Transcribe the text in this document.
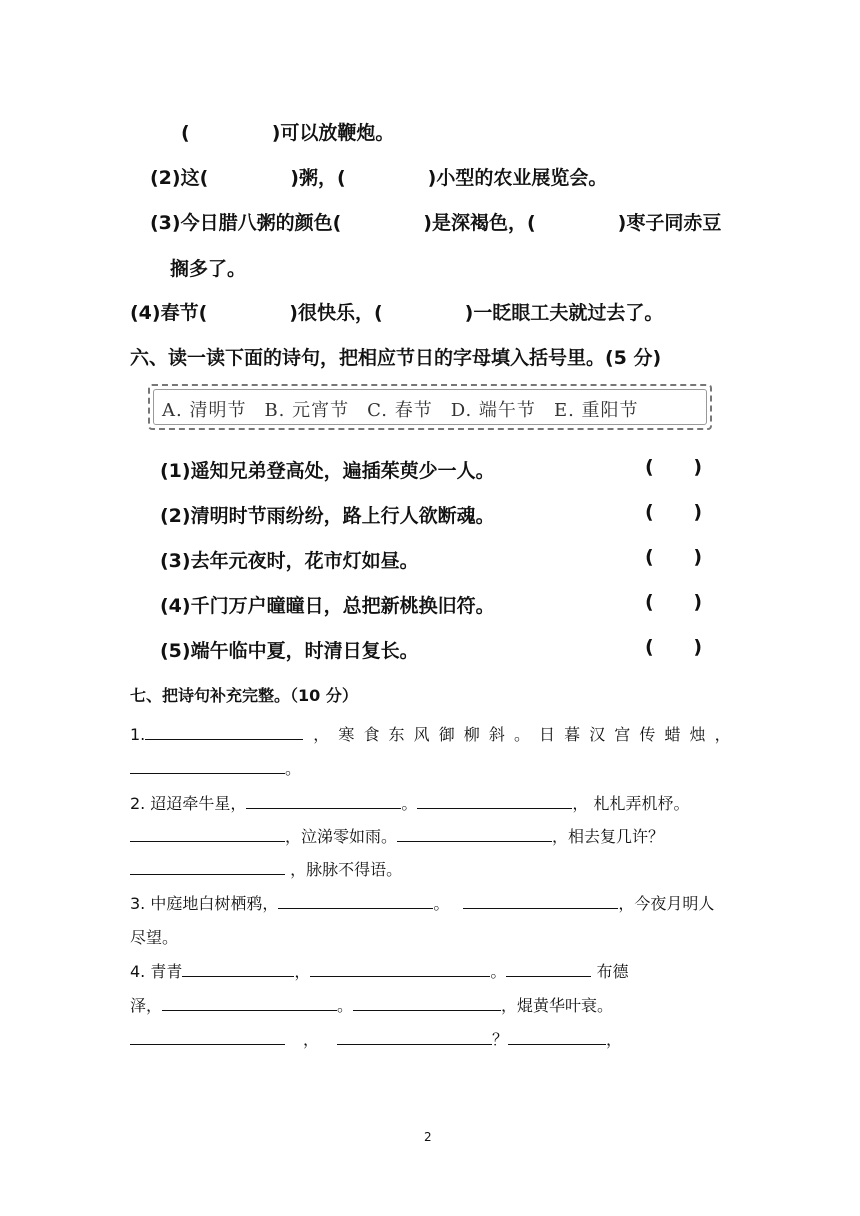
(	)可以放鞭炮。
(2)这(	)粥，(	)小型的农业展览会。
(3)今日腊八粥的颜色(	)是深褐色，(	)枣子同赤豆
搁多了。
(4)春节(	)很快乐，(	)一眨眼工夫就过去了。
六、读一读下面的诗句，把相应节日的字母填入括号里。(5 分)
A. 清明节 B. 元宵节 C. 春节 D. 端午节 E. 重阳节
(1)遥知兄弟登高处，遍插茱萸少一人。	(      )
(2)清明时节雨纷纷，路上行人欲断魂。	(      )
(3)去年元夜时，花市灯如昼。	(      )
(4)千门万户曈曈日，总把新桃换旧符。	(      )
(5)端午临中夏，时清日复长。	(      )
七、把诗句补充完整。（10 分）
1.	， 寒 食 东 风 御 柳 斜 。 日 暮 汉 宫 传 蜡 烛 ，
。
2. 迢迢牵牛星，	。	， 札札弄机杼。
，泣涕零如雨。	，相去复几许？
，脉脉不得语。
3. 中庭地白树栖鸦，	。	，今夜月明人
尽望。
4. 青青	，	。	布德
泽，	。	，焜黄华叶衰。
，	？	，
2
